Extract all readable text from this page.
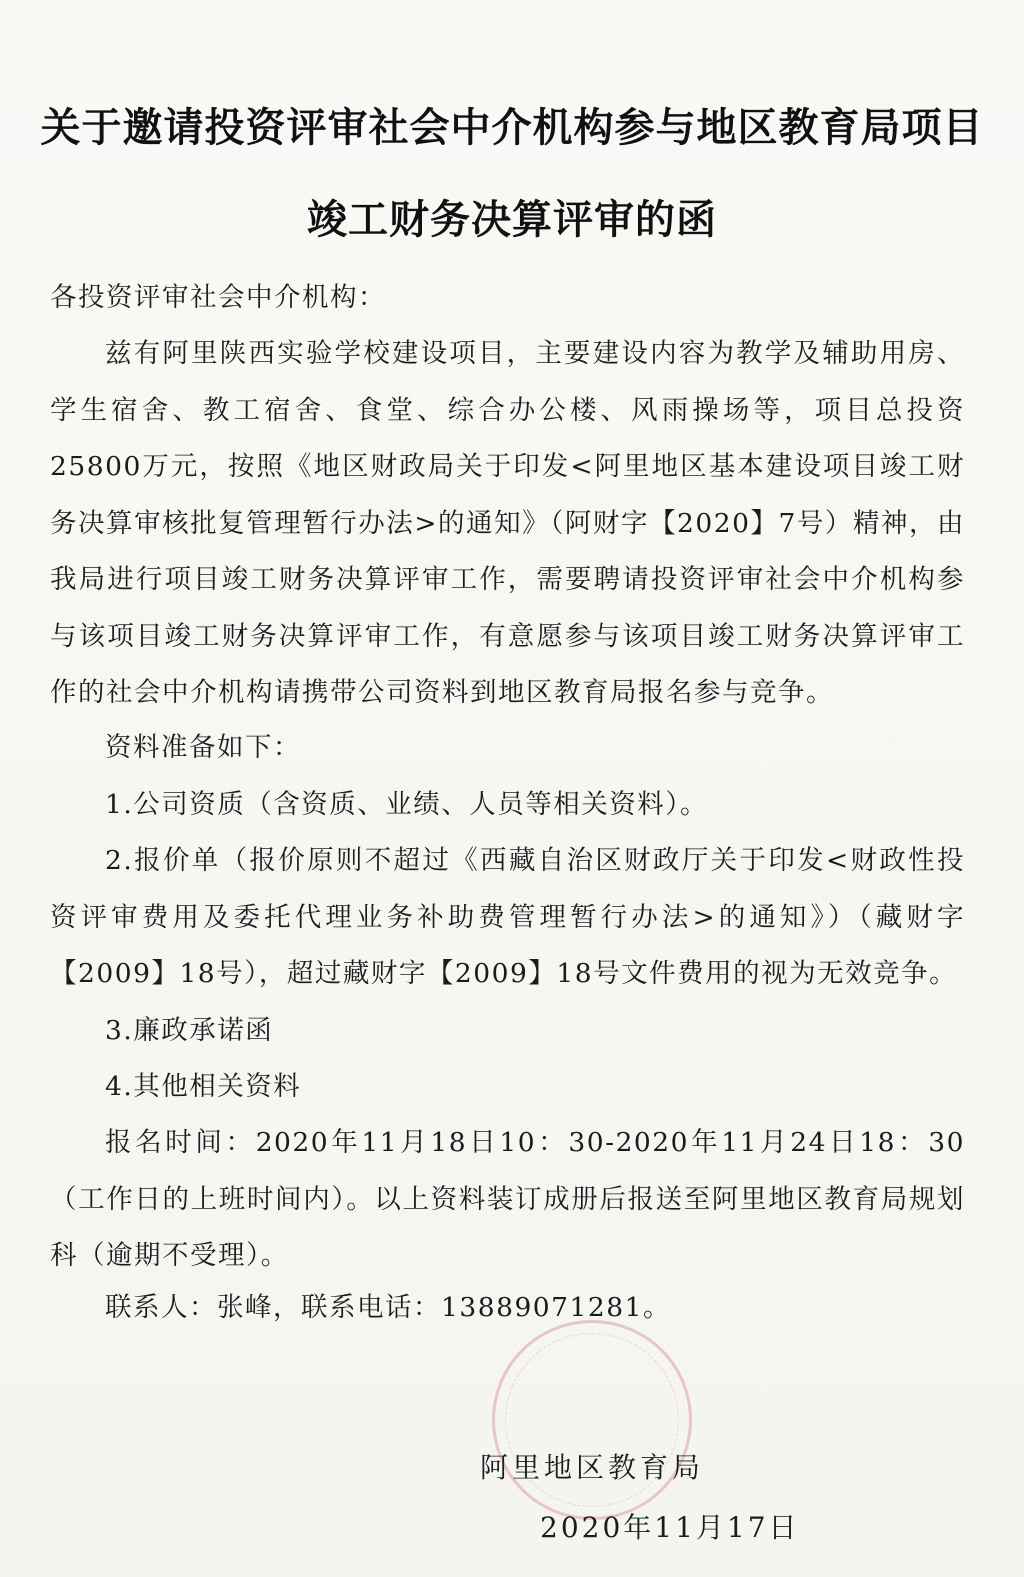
关于邀请投资评审社会中介机构参与地区教育局项目
竣工财务决算评审的函
各投资评审社会中介机构：

兹有阿里陕西实验学校建设项目，主要建设内容为教学及辅助用房、学生宿舍、教工宿舍、食堂、综合办公楼、风雨操场等，项目总投资25800万元，按照《地区财政局关于印发<阿里地区基本建设项目竣工财务决算审核批复管理暂行办法>的通知》（阿财字【2020】7号）精神，由我局进行项目竣工财务决算评审工作，需要聘请投资评审社会中介机构参与该项目竣工财务决算评审工作，有意愿参与该项目竣工财务决算评审工作的社会中介机构请携带公司资料到地区教育局报名参与竞争。

资料准备如下：

1.公司资质（含资质、业绩、人员等相关资料）。

2.报价单（报价原则不超过《西藏自治区财政厅关于印发<财政性投资评审费用及委托代理业务补助费管理暂行办法>的通知》）（藏财字【2009】18号），超过藏财字【2009】18号文件费用的视为无效竞争。

3.廉政承诺函

4.其他相关资料

报名时间：2020年11月18日10：30-2020年11月24日18：30（工作日的上班时间内）。以上资料装订成册后报送至阿里地区教育局规划科（逾期不受理）。

联系人：张峰，联系电话：13889071281。

阿里地区教育局
2020年11月17日
